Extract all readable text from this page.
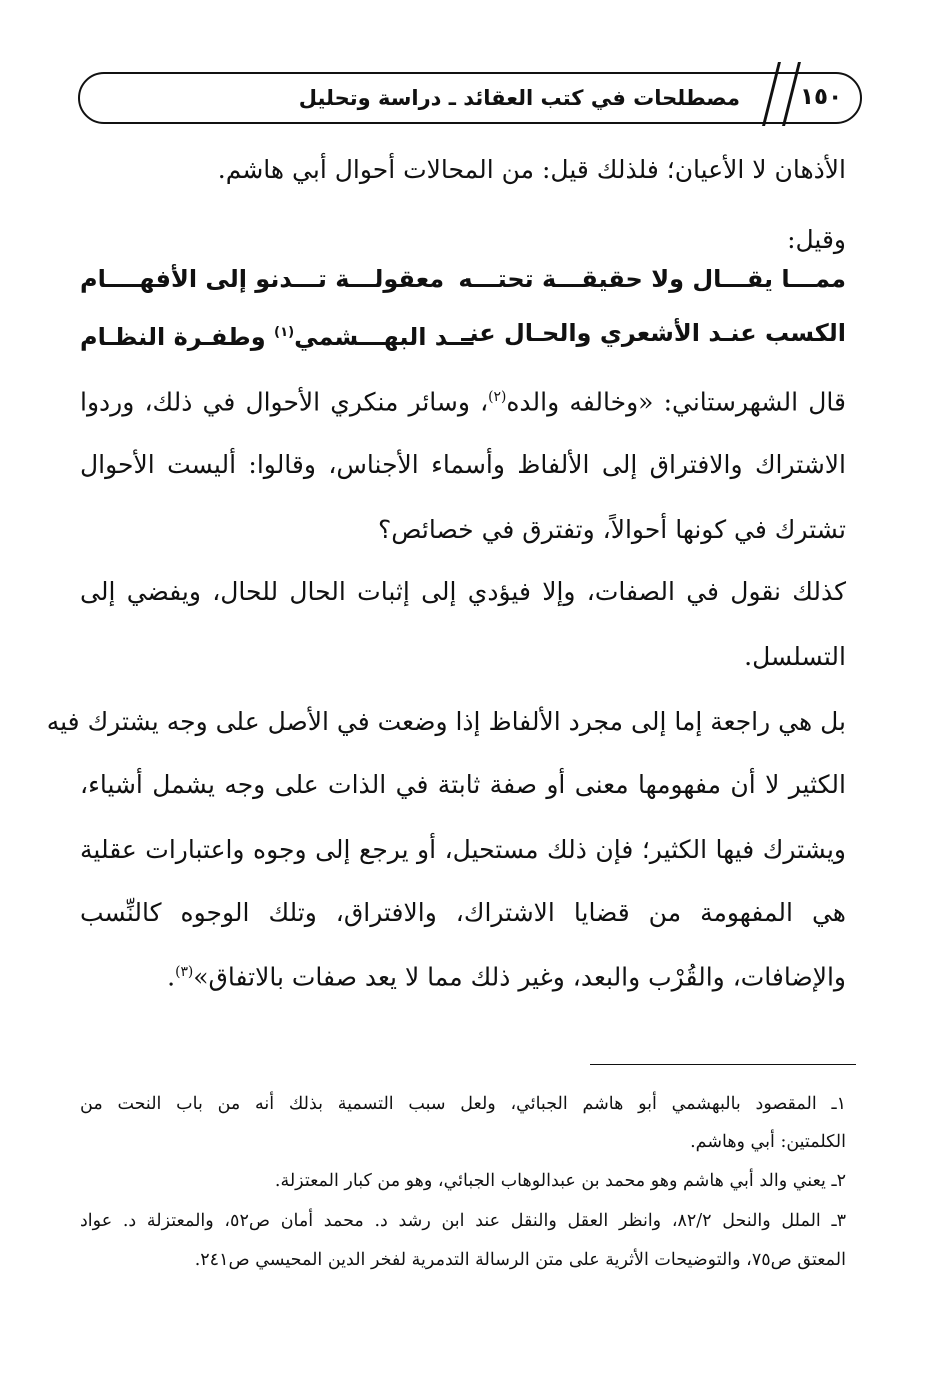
١٥٠
مصطلحات في كتب العقائد ـ دراسة وتحليل
الأذهان لا الأعيان؛ فلذلك قيل: من المحالات أحوال أبي هاشم.
وقيل:
ممـــا يقـــال ولا حقيقـــة تحتـــه
معقولـــة تـــدنو إلى الأفهــــام
الكسب عنـد الأشعري والحـال عنـ
ـــد البهـــشمي$^{(١)}$ وطفـرة النظـام
قال الشهرستاني: «وخالفه والده$^{(٢)}$، وسائر منكري الأحوال في ذلك، وردوا
الاشتراك والافتراق إلى الألفاظ وأسماء الأجناس، وقالوا: أليست الأحوال
تشترك في كونها أحوالاً، وتفترق في خصائص؟
كذلك نقول في الصفات، وإلا فيؤدي إلى إثبات الحال للحال، ويفضي إلى
التسلسل.
بل هي راجعة إما إلى مجرد الألفاظ إذا وضعت في الأصل على وجه يشترك فيه
الكثير لا أن مفهومها معنى أو صفة ثابتة في الذات على وجه يشمل أشياء،
ويشترك فيها الكثير؛ فإن ذلك مستحيل، أو يرجع إلى وجوه واعتبارات عقلية
هي المفهومة من قضايا الاشتراك، والافتراق، وتلك الوجوه كالنِّسب
والإضافات، والقُرْب والبعد، وغير ذلك مما لا يعد صفات بالاتفاق»$^{(٣)}$.
١ـ المقصود بالبهشمي أبو هاشم الجبائي، ولعل سبب التسمية بذلك أنه من باب النحت من
الكلمتين: أبي وهاشم.
٢ـ يعني والد أبي هاشم وهو محمد بن عبدالوهاب الجبائي، وهو من كبار المعتزلة.
٣ـ الملل والنحل ٨٢/٢، وانظر العقل والنقل عند ابن رشد د. محمد أمان ص٥٢، والمعتزلة د. عواد
المعتق ص٧٥، والتوضيحات الأثرية على متن الرسالة التدمرية لفخر الدين المحيسي ص٢٤١.
